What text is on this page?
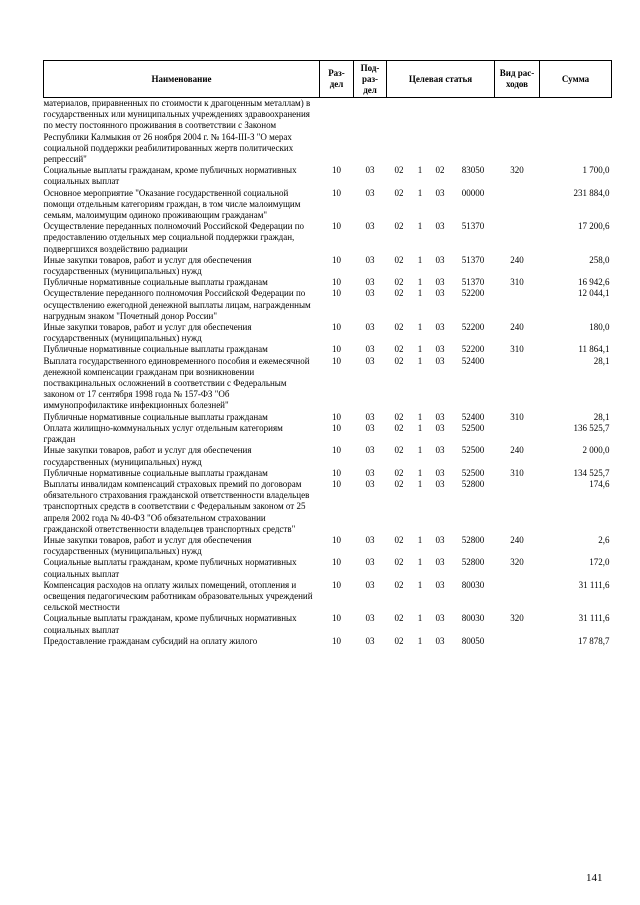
Наименование	Раз-дел	Под-раз-дел	Целевая статья				Вид рас-ходов	Сумма
материалов, приравненных по стоимости к драгоценным металлам) в государственных или муниципальных учреждениях здравоохранения по месту постоянного проживания в соответствии с Законом Республики Калмыкия от 26 ноября 2004 г. № 164-III-З "О мерах социальной поддержки реабилитированных жертв политических репрессий"								
Социальные выплаты гражданам, кроме публичных нормативных социальных выплат	10	03	02	1	02	83050	320	1 700,0
Основное мероприятие "Оказание государственной социальной помощи отдельным категориям граждан, в том числе малоимущим семьям, малоимущим одиноко проживающим гражданам"	10	03	02	1	03	00000		231 884,0
Осуществление переданных полномочий Российской Федерации по предоставлению отдельных мер социальной поддержки граждан, подвергшихся воздействию радиации	10	03	02	1	03	51370		17 200,6
Иные закупки товаров, работ и услуг для обеспечения государственных (муниципальных) нужд	10	03	02	1	03	51370	240	258,0
Публичные нормативные социальные выплаты гражданам	10	03	02	1	03	51370	310	16 942,6
Осуществление переданного полномочия Российской Федерации по осуществлению ежегодной денежной выплаты лицам, награжденным нагрудным знаком "Почетный донор России"	10	03	02	1	03	52200		12 044,1
Иные закупки товаров, работ и услуг для обеспечения государственных (муниципальных) нужд	10	03	02	1	03	52200	240	180,0
Публичные нормативные социальные выплаты гражданам	10	03	02	1	03	52200	310	11 864,1
Выплата государственного единовременного пособия и ежемесячной денежной компенсации гражданам при возникновении поствакцинальных осложнений в соответствии с Федеральным законом от 17 сентября 1998 года № 157-ФЗ "Об иммунопрофилактике инфекционных болезней"	10	03	02	1	03	52400		28,1
Публичные нормативные социальные выплаты гражданам	10	03	02	1	03	52400	310	28,1
Оплата жилищно-коммунальных услуг отдельным категориям граждан	10	03	02	1	03	52500		136 525,7
Иные закупки товаров, работ и услуг для обеспечения государственных (муниципальных) нужд	10	03	02	1	03	52500	240	2 000,0
Публичные нормативные социальные выплаты гражданам	10	03	02	1	03	52500	310	134 525,7
Выплаты инвалидам компенсаций страховых премий по договорам обязательного страхования гражданской ответственности владельцев транспортных средств в соответствии с Федеральным законом от 25 апреля 2002 года № 40-ФЗ "Об обязательном страховании гражданской ответственности владельцев транспортных средств"	10	03	02	1	03	52800		174,6
Иные закупки товаров, работ и услуг для обеспечения государственных (муниципальных) нужд	10	03	02	1	03	52800	240	2,6
Социальные выплаты гражданам, кроме публичных нормативных социальных выплат	10	03	02	1	03	52800	320	172,0
Компенсация расходов на оплату жилых помещений, отопления и освещения педагогическим работникам образовательных учреждений сельской местности	10	03	02	1	03	80030		31 111,6
Социальные выплаты гражданам, кроме публичных нормативных социальных выплат	10	03	02	1	03	80030	320	31 111,6
Предоставление гражданам субсидий на оплату жилого	10	03	02	1	03	80050		17 878,7
141
